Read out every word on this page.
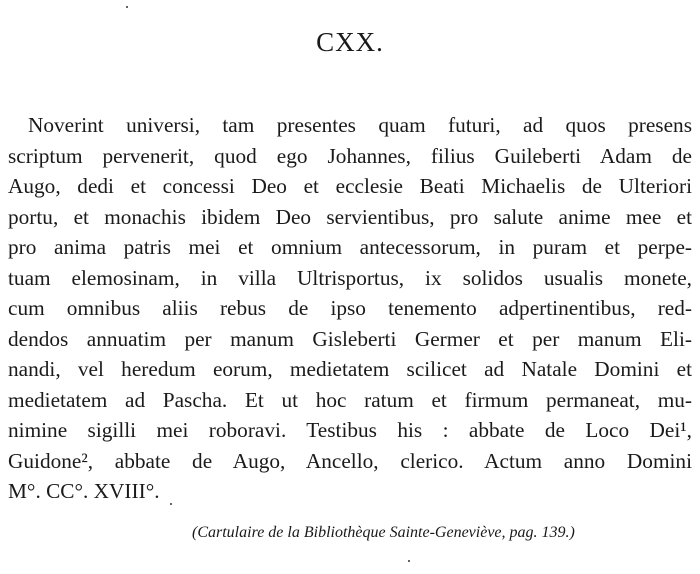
CXX.
Noverint universi, tam presentes quam futuri, ad quos presens
scriptum pervenerit, quod ego Johannes, filius Guileberti Adam de
Augo, dedi et concessi Deo et ecclesie Beati Michaelis de Ulteriori
portu, et monachis ibidem Deo servientibus, pro salute anime mee et
pro anima patris mei et omnium antecessorum, in puram et perpe-
tuam elemosinam, in villa Ultrisportus, ix solidos usualis monete,
cum omnibus aliis rebus de ipso tenemento adpertinentibus, red-
dendos annuatim per manum Gisleberti Germer et per manum Eli-
nandi, vel heredum eorum, medietatem scilicet ad Natale Domini et
medietatem ad Pascha. Et ut hoc ratum et firmum permaneat, mu-
nimine sigilli mei roboravi. Testibus his : abbate de Loco Dei¹,
Guidone², abbate de Augo, Ancello, clerico. Actum anno Domini
M°. CC°. XVIII°.
(Cartulaire de la Bibliothèque Sainte-Geneviève, pag. 139.)
